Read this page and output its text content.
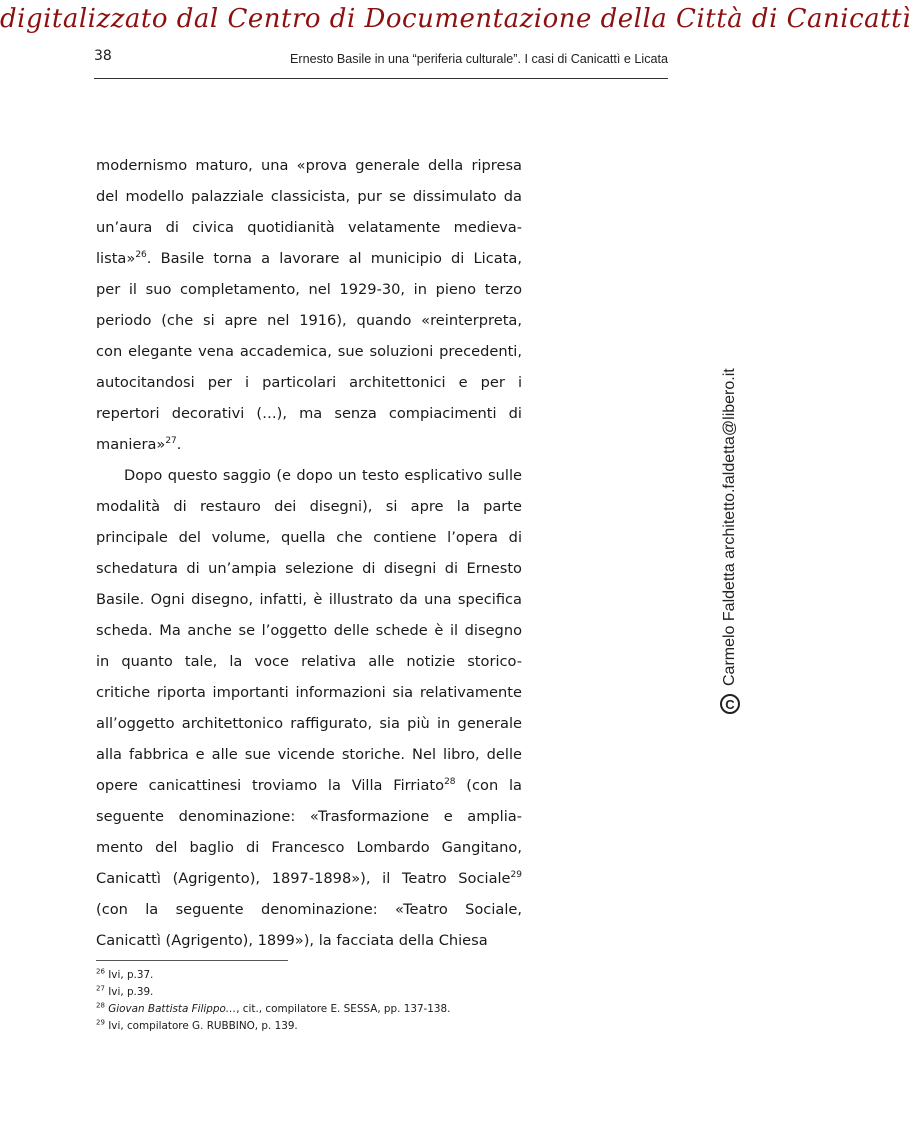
digitalizzato dal Centro di Documentazione della Città di Canicattì
38	Ernesto Basile in una “periferia culturale”. I casi di Canicattì e Licata
modernismo maturo, una «prova generale della ripresa
del modello palazziale classicista, pur se dissimulato da
un’aura di civica quotidianità velatamente medieva-
lista»$^{26}$. Basile torna a lavorare al municipio di Licata,
per il suo completamento, nel 1929-30, in pieno terzo
periodo (che si apre nel 1916), quando «reinterpreta,
con elegante vena accademica, sue soluzioni precedenti,
autocitandosi per i particolari architettonici e per i
repertori decorativi (…), ma senza compiacimenti di
maniera»$^{27}$.
Dopo questo saggio (e dopo un testo esplicativo sulle
modalità di restauro dei disegni), si apre la parte
principale del volume, quella che contiene l’opera di
schedatura di un’ampia selezione di disegni di Ernesto
Basile. Ogni disegno, infatti, è illustrato da una specifica
scheda. Ma anche se l’oggetto delle schede è il disegno
in quanto tale, la voce relativa alle notizie storico-
critiche riporta importanti informazioni sia relativamente
all’oggetto architettonico raffigurato, sia più in generale
alla fabbrica e alle sue vicende storiche. Nel libro, delle
opere canicattinesi troviamo la Villa Firriato$^{28}$ (con la
seguente denominazione: «Trasformazione e amplia-
mento del baglio di Francesco Lombardo Gangitano,
Canicattì (Agrigento), 1897-1898»), il Teatro Sociale$^{29}$
(con la seguente denominazione: «Teatro Sociale,
Canicattì (Agrigento), 1899»), la facciata della Chiesa
$^{26}$ Ivi, p.37.
$^{27}$ Ivi, p.39.
$^{28}$ Giovan Battista Filippo…, cit., compilatore E. SESSA, pp. 137-138.
$^{29}$ Ivi, compilatore G. RUBBINO, p. 139.
C
Carmelo Faldetta architetto.faldetta@libero.it
